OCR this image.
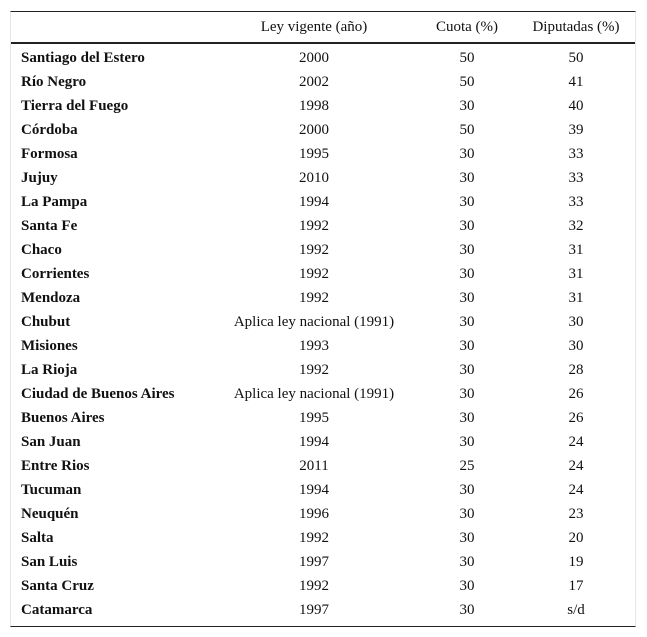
	Ley vigente (año)	Cuota (%)	Diputadas (%)
Santiago del Estero	2000	50	50
Río Negro	2002	50	41
Tierra del Fuego	1998	30	40
Córdoba	2000	50	39
Formosa	1995	30	33
Jujuy	2010	30	33
La Pampa	1994	30	33
Santa Fe	1992	30	32
Chaco	1992	30	31
Corrientes	1992	30	31
Mendoza	1992	30	31
Chubut	Aplica ley nacional (1991)	30	30
Misiones	1993	30	30
La Rioja	1992	30	28
Ciudad de Buenos Aires	Aplica ley nacional (1991)	30	26
Buenos Aires	1995	30	26
San Juan	1994	30	24
Entre Rios	2011	25	24
Tucuman	1994	30	24
Neuquén	1996	30	23
Salta	1992	30	20
San Luis	1997	30	19
Santa Cruz	1992	30	17
Catamarca	1997	30	s/d
